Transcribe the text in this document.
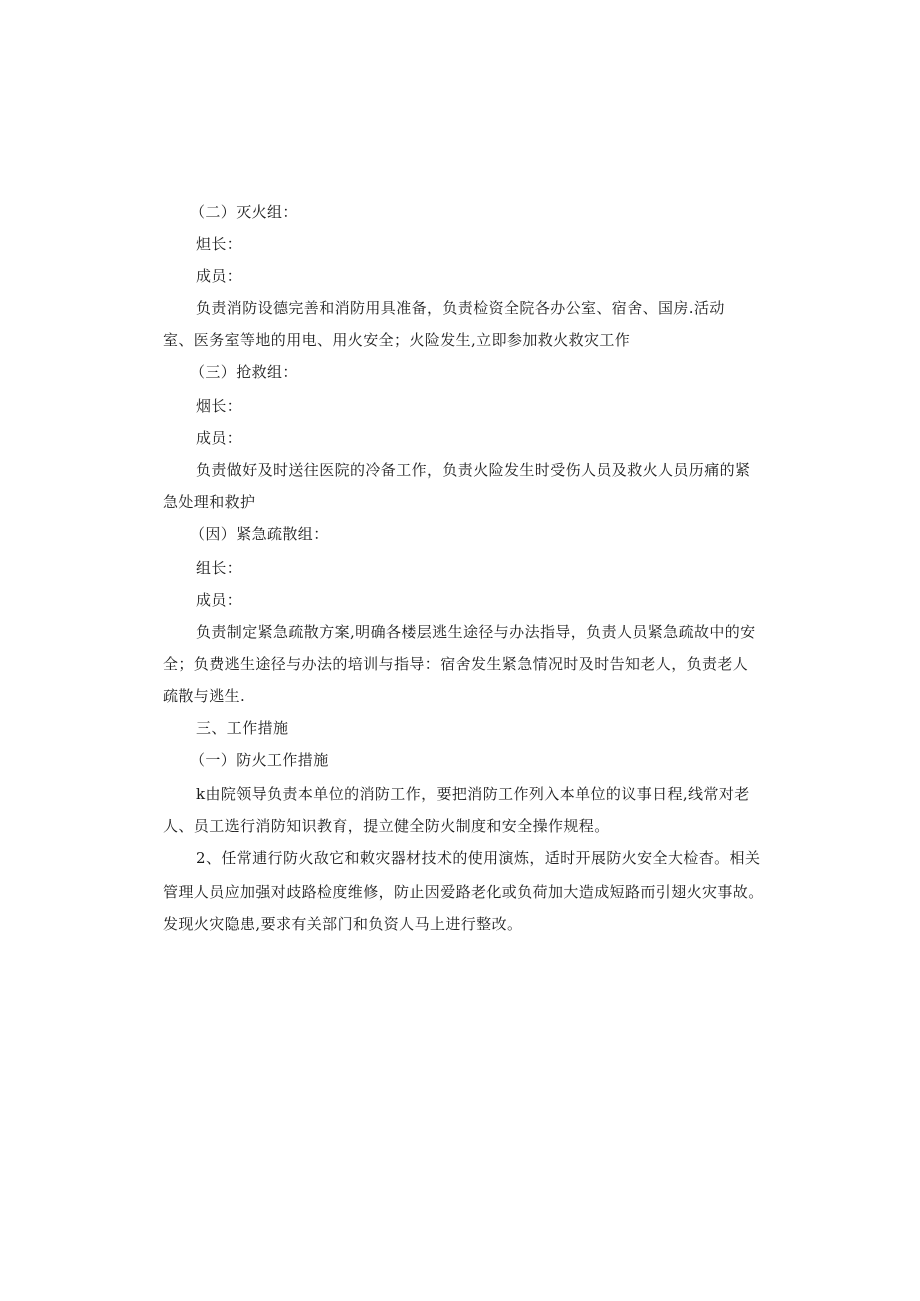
（二）灭火组：
炟长：
成员：
负责消防设德完善和消防用具准备，负责检资全院各办公室、宿舍、国房.活动
室、医务室等地的用电、用火安全；火险发生,立即参加救火救灾工作
（三）抢救组：
烟长：
成员：
负责做好及时送往医院的冷备工作，负责火险发生时受伤人员及救火人员历痛的紧
急处理和救护
（因）紧急疏散组：
组长：
成员：
负责制定紧急疏散方案,明确各楼层逃生途径与办法指导，负责人员紧急疏故中的安
全；负费逃生途径与办法的培训与指导：宿舍发生紧急情况时及时告知老人，负责老人
疏散与逃生.
三、工作措施
（一）防火工作措施
k由院领导负责本单位的消防工作，要把消防工作列入本单位的议事日程,线常对老
人、员工选行消防知识教育，提立健全防火制度和安全操作规程。
2、任常逋行防火敌它和敕灾器材技术的使用演炼，适时开展防火安全大检杳。相关
管理人员应加强对歧路检度维修，防止因爱路老化或负荷加大造成短路而引翅火灾事故。
发现火灾隐患,要求有关部门和负资人马上进行整改。
